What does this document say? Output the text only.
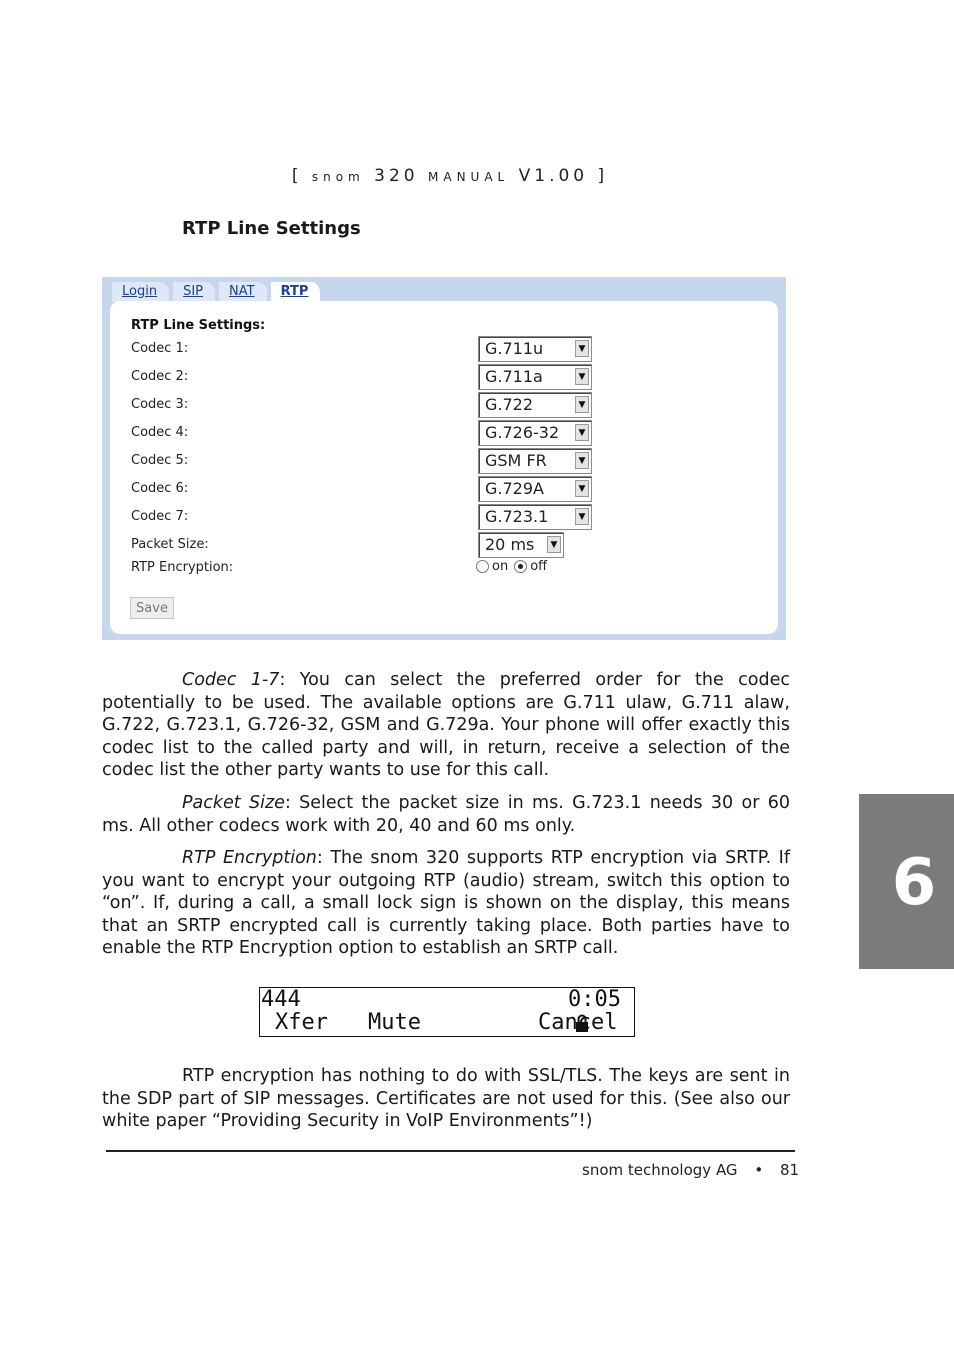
[ snom 320 MANUAL V1.00 ]
RTP Line Settings
Login	SIP	NAT	RTP
RTP Line Settings:
Codec 1:	G.711u	▼
Codec 2:	G.711a	▼
Codec 3:	G.722	▼
Codec 4:	G.726-32	▼
Codec 5:	GSM FR	▼
Codec 6:	G.729A	▼
Codec 7:	G.723.1	▼
Packet Size:	20 ms	▼
RTP Encryption:	on off
Save

Codec 1-7: You can select the preferred order for the codec potentially to be used. The available options are G.711 ulaw, G.711 alaw, G.722, G.723.1, G.726-32, GSM and G.729a. Your phone will offer exactly this codec list to the called party and will, in return, receive a selection of the codec list the other party wants to use for this call.

Packet Size: Select the packet size in ms. G.723.1 needs 30 or 60 ms. All other codecs work with 20, 40 and 60 ms only.

RTP Encryption: The snom 320 supports RTP encryption via SRTP. If you want to encrypt your outgoing RTP (audio) stream, switch this option to “on”. If, during a call, a small lock sign is shown on the display, this means that an SRTP encrypted call is currently taking place. Both parties have to enable the RTP Encryption option to establish an SRTP call.

444

	0:05
Xfer Mute	Cancel

RTP encryption has nothing to do with SSL/TLS. The keys are sent in the SDP part of SIP messages. Certificates are not used for this. (See also our white paper “Providing Security in VoIP Environments”!)

snom technology AG • 81
6
